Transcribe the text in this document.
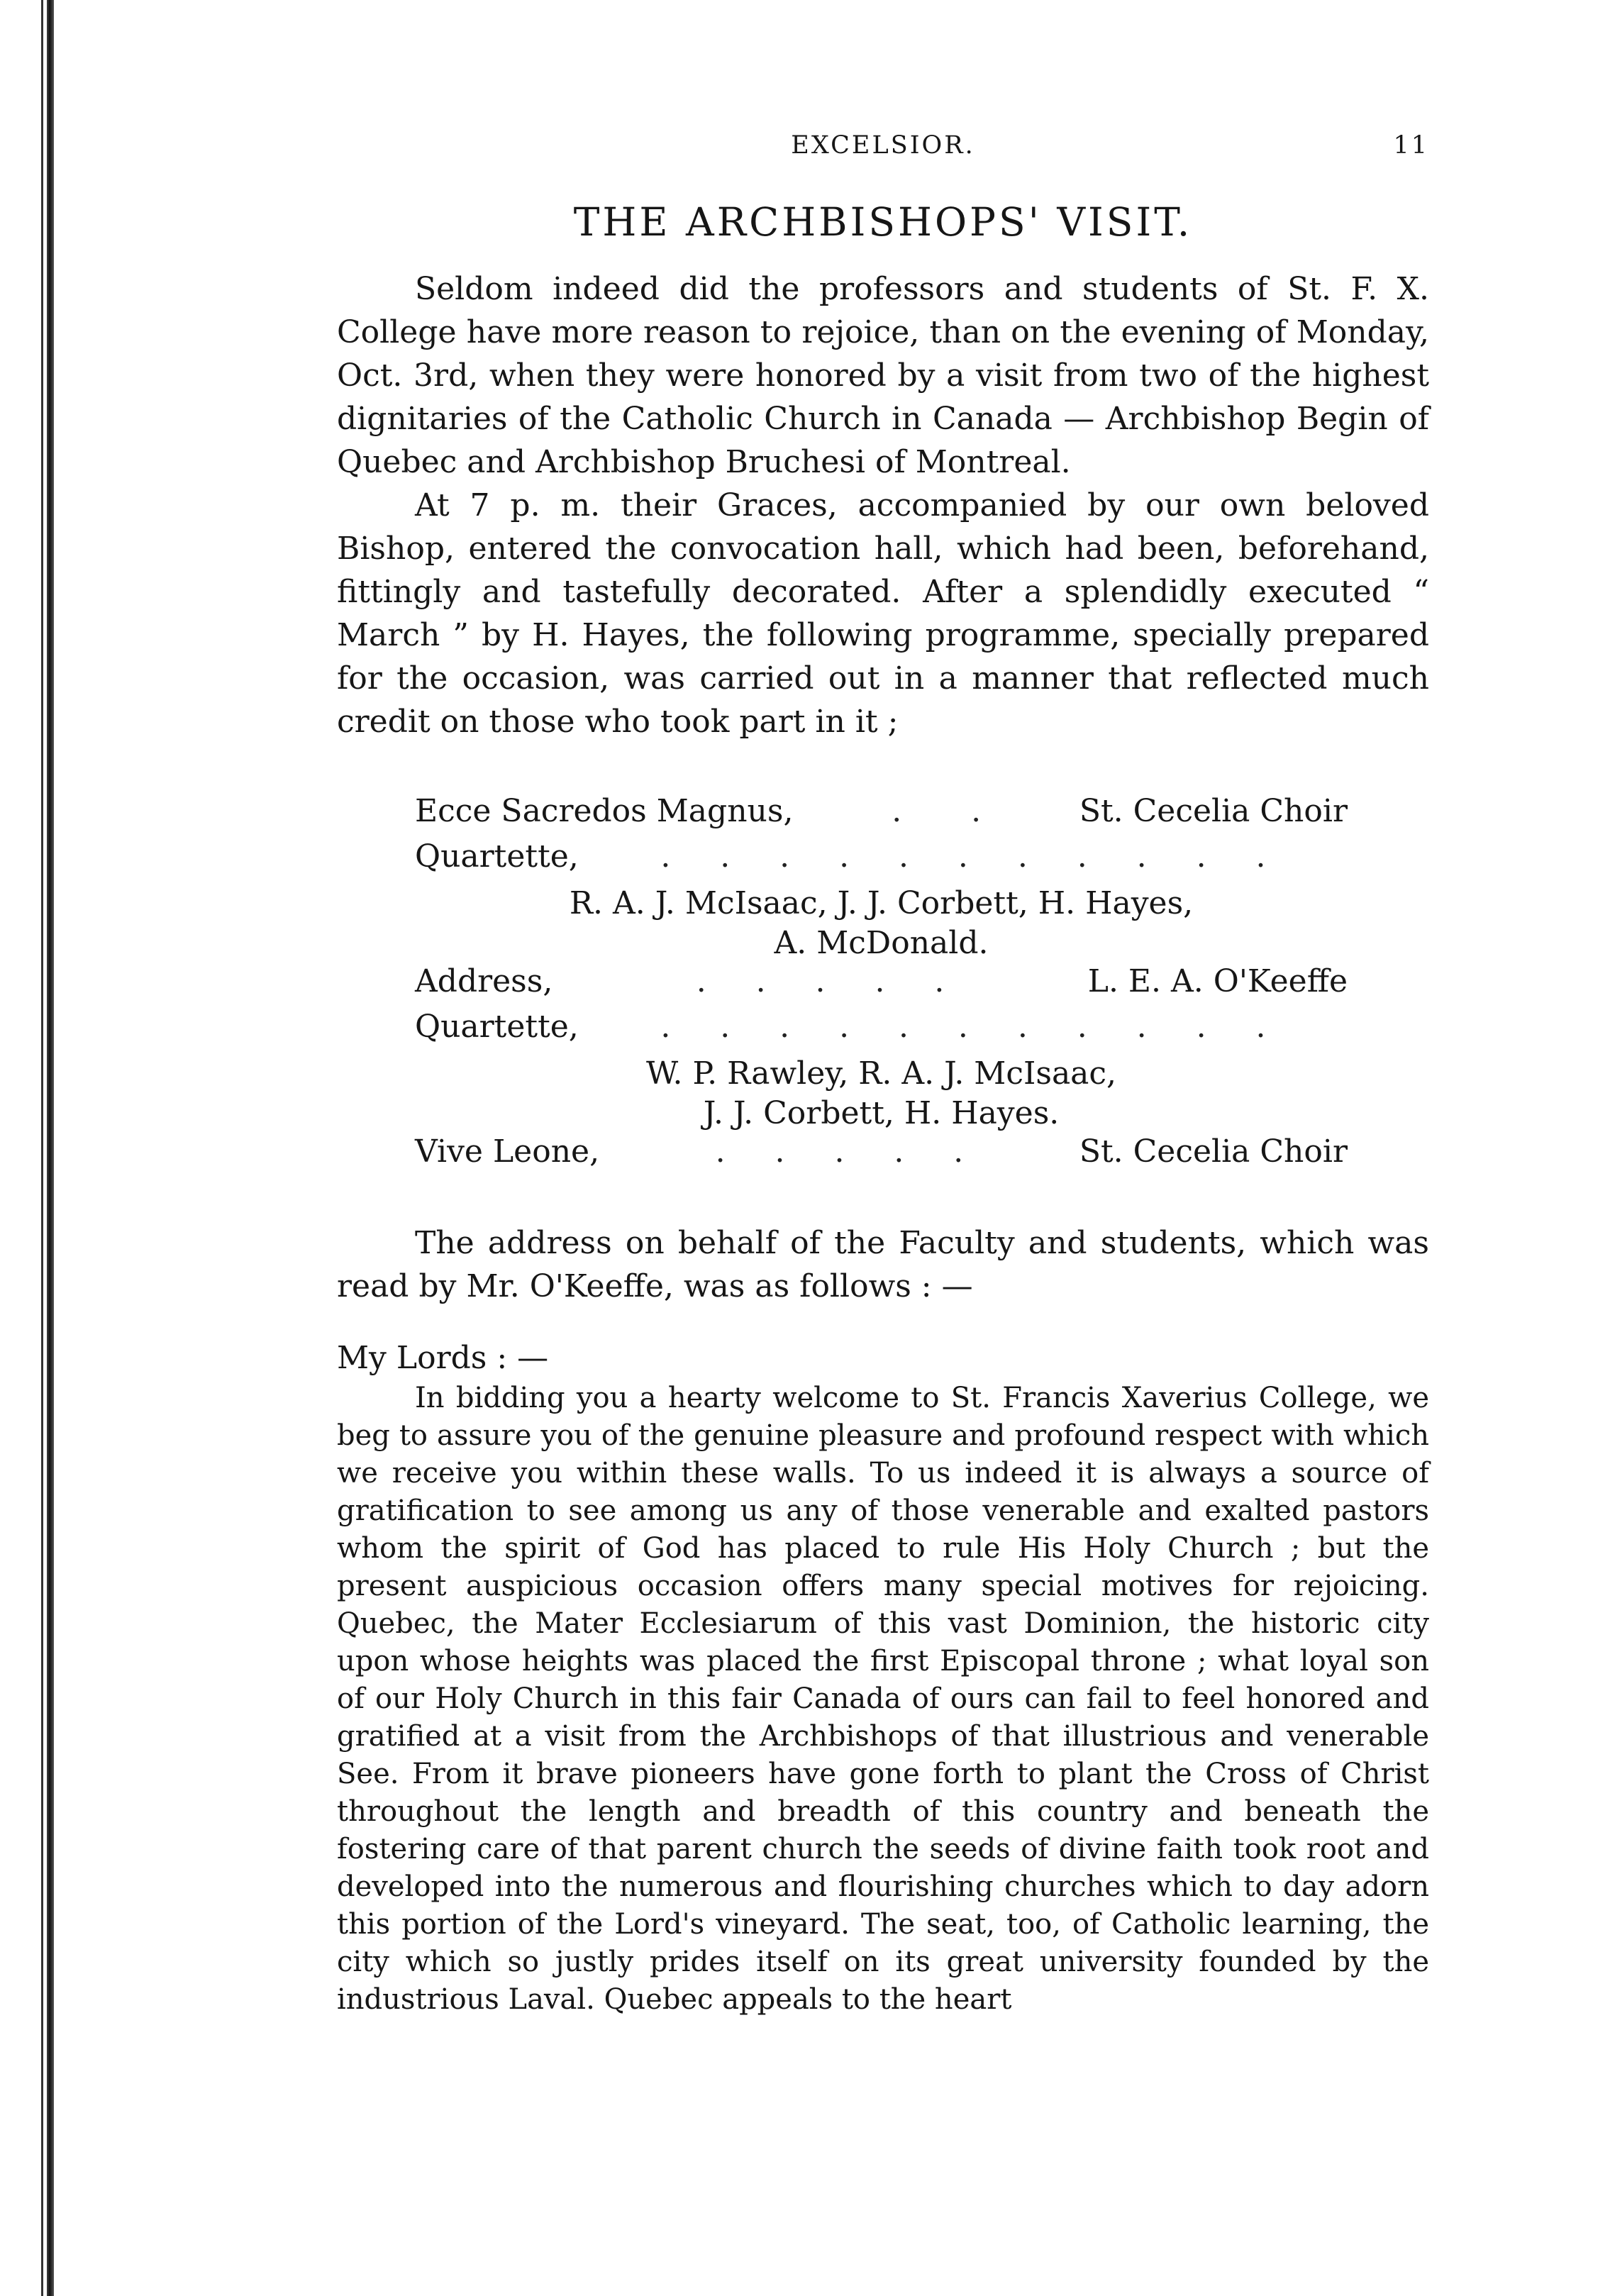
EXCELSIOR.	11
THE ARCHBISHOPS' VISIT.

Seldom indeed did the professors and students of St. F. X. College have more reason to rejoice, than on the evening of Monday, Oct. 3rd, when they were honored by a visit from two of the highest dignitaries of the Catholic Church in Canada — Archbishop Begin of Quebec and Archbishop Bruchesi of Montreal.

At 7 p. m. their Graces, accompanied by our own beloved Bishop, entered the convocation hall, which had been, beforehand, fittingly and tastefully decorated. After a splendidly executed “ March ” by H. Hayes, the following programme, specially prepared for the occasion, was carried out in a manner that reflected much credit on those who took part in it ;

Ecce Sacredos Magnus,	.       .	St. Cecelia Choir
Quartette,	.     .     .     .     .     .     .     .     .     .     .
R. A. J. McIsaac, J. J. Corbett, H. Hayes,
A. McDonald.
Address,	.     .     .     .     .	L. E. A. O'Keeffe
Quartette,	.     .     .     .     .     .     .     .     .     .     .
W. P. Rawley, R. A. J. McIsaac,
J. J. Corbett, H. Hayes.
Vive Leone,	.     .     .     .     .	St. Cecelia Choir

The address on behalf of the Faculty and students, which was read by Mr. O'Keeffe, was as follows : —

My Lords : —

In bidding you a hearty welcome to St. Francis Xaverius College, we beg to assure you of the genuine pleasure and profound respect with which we receive you within these walls. To us indeed it is always a source of gratification to see among us any of those venerable and exalted pastors whom the spirit of God has placed to rule His Holy Church ; but the present auspicious occasion offers many special motives for rejoicing. Quebec, the Mater Ecclesiarum of this vast Dominion, the historic city upon whose heights was placed the first Episcopal throne ; what loyal son of our Holy Church in this fair Canada of ours can fail to feel honored and gratified at a visit from the Archbishops of that illustrious and venerable See. From it brave pioneers have gone forth to plant the Cross of Christ throughout the length and breadth of this country and beneath the fostering care of that parent church the seeds of divine faith took root and developed into the numerous and flourishing churches which to day adorn this portion of the Lord's vineyard. The seat, too, of Catholic learning, the city which so justly prides itself on its great university founded by the industrious Laval. Quebec appeals to the heart
